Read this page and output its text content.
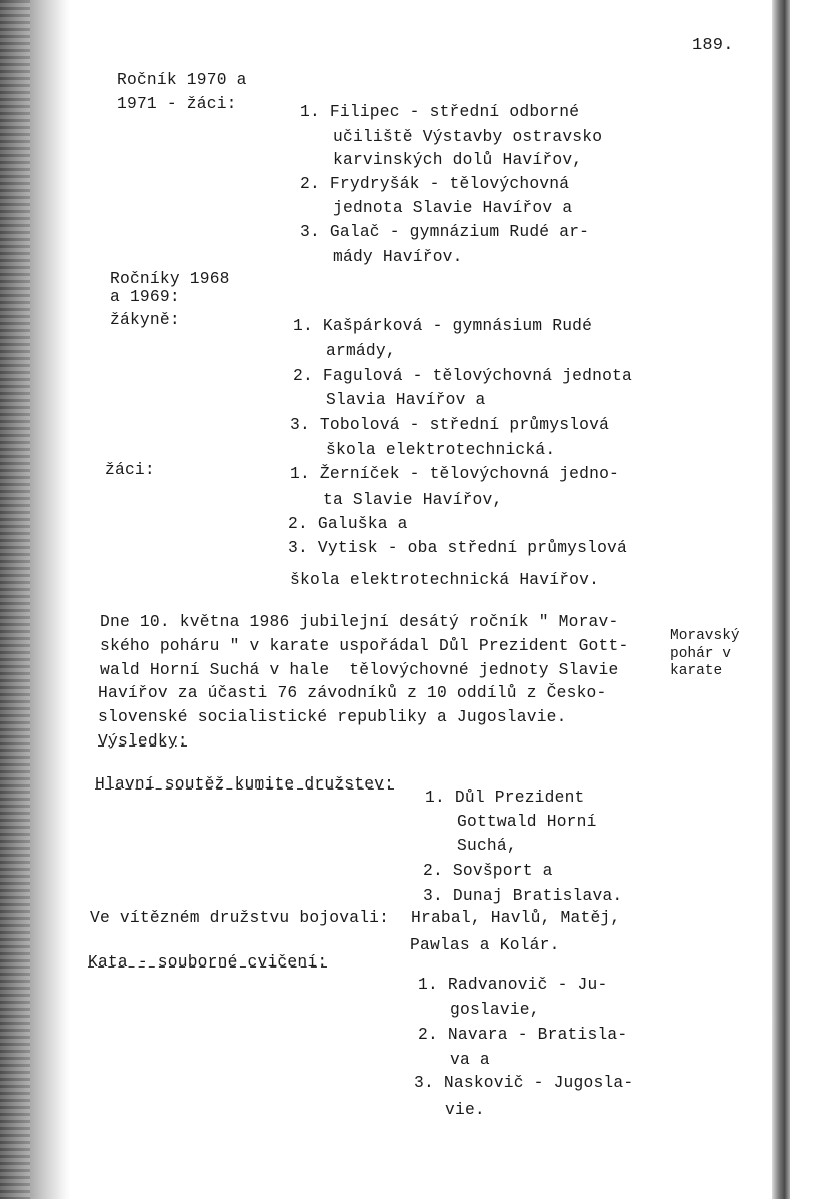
189.
Ročník 1970 a
1971 - žáci:	1. Filipec - střední odborné
učiliště Výstavby ostravsko
karvinských dolů Havířov,
2. Frydryšák - tělovýchovná
jednota Slavie Havířov a
3. Galač - gymnázium Rudé ar-
mády Havířov.
Ročníky 1968
a 1969:
žákyně:	1. Kašpárková - gymnásium Rudé
armády,
2. Fagulová - tělovýchovná jednota
Slavia Havířov a
3. Tobolová - střední průmyslová
škola elektrotechnická.
žáci:	1. Žerníček - tělovýchovná jedno-
ta Slavie Havířov,
2. Galuška a
3. Vytisk - oba střední průmyslová
škola elektrotechnická Havířov.
Dne 10. května 1986 jubilejní desátý ročník " Morav-
ského poháru " v karate uspořádal Důl Prezident Gott-
wald Horní Suchá v hale  tělovýchovné jednoty Slavie
Havířov za účasti 76 závodníků z 10 oddílů z Česko-
slovenské socialistické republiky a Jugoslavie.
Moravský
pohár v
karate
Výsledky:
Hlavní soutěž kumite družstev:
1. Důl Prezident
Gottwald Horní
Suchá,
2. Sovšport a
3. Dunaj Bratislava.
Ve vítězném družstvu bojovali: Hrabal, Havlů, Matěj,
Pawlas a Kolár.
Kata - souborné cvičení:
1. Radvanovič - Ju-
goslavie,
2. Navara - Bratisla-
va a
3. Naskovič - Jugosla-
vie.
